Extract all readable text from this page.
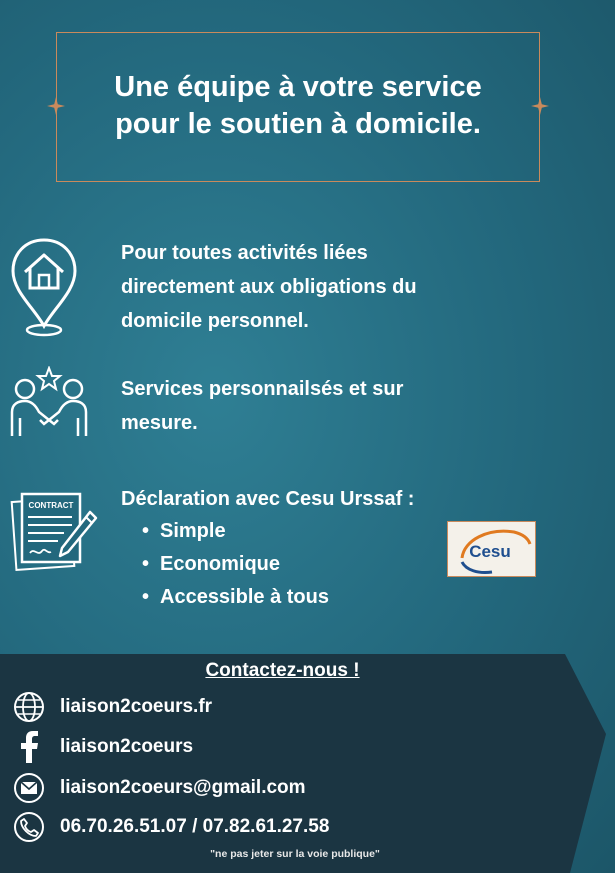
Une équipe à votre service
pour le soutien à domicile.
Pour toutes activités liées
directement aux obligations du
domicile personnel.
Services personnailsés et sur
mesure.
CONTRACT Déclaration avec Cesu Urssaf :
• Simple
• Economique
• Accessible à tous
Cesu
Contactez-nous !
liaison2coeurs.fr
liaison2coeurs
liaison2coeurs@gmail.com
06.70.26.51.07 / 07.82.61.27.58
"ne pas jeter sur la voie publique"
